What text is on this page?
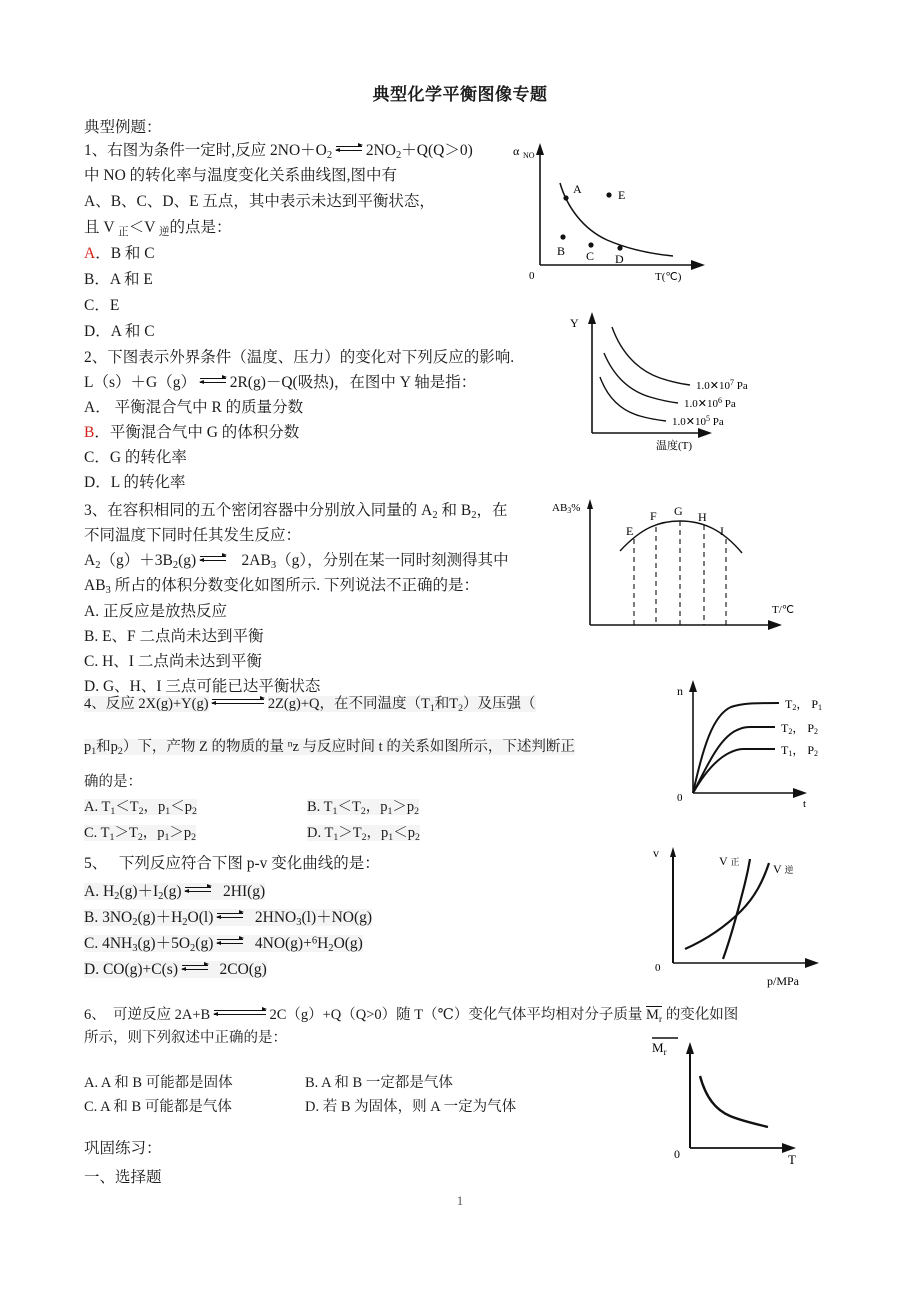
典型化学平衡图像专题
典型例题：
1、右图为条件一定时,反应 $2NO+O_2$
$2NO_2+Q(Q>0)$
中 NO 的转化率与温度变化关系曲线图,图中有
A、B、C、D、E 五点，其中表示未达到平衡状态，
且 V $_正$＜V $_逆$的点是：
A．B 和 C
B．A 和 E
C．E
D．A 和 C
A
B C D
E
α NO
0	T(℃)
2、下图表示外界条件（温度、压力）的变化对下列反应的影响.
L（s）＋G（g）
2R(g)－Q(吸热)，在图中 Y 轴是指：
A． 平衡混合气中 R 的质量分数
B．平衡混合气中 G 的体积分数
C．G 的转化率
D．L 的转化率
Y
$1.0✕10^7$ Pa
$1.0✕10^6$ Pa
$1.0✕10^5$ Pa
温度(T)
3、在容积相同的五个密闭容器中分别放入同量的 $A_2$ 和 $B_2$，在
不同温度下同时任其发生反应：
$A_2(g)+3B_2(g)$
$2AB_3(g)$，分别在某一同时刻测得其中
$AB_3$ 所占的体积分数变化如图所示. 下列说法不正确的是：
A. 正反应是放热反应
B. E、F 二点尚未达到平衡
C. H、I 二点尚未达到平衡
D. G、H、I 三点可能已达平衡状态
E
F G H
I
AB3%
T/℃
4、反应 2X(g)+Y(g)	2Z(g)+Q，在不同温度（$T_1$和$T_2$）及压强（
$p_1$和$p_2$）下，产物 Z 的物质的量 $^n$z 与反应时间 t 的关系如图所示，下述判断正
确的是：
A. $T_1<T_2$，$p_1<p_2$	B. $T_1<T_2$，$p_1>p_2$
C. $T_1>T_2$，$p_1>p_2$	D. $T_1>T_2$，$p_1<p_2$
n
0	t
T2， P1
T2， P2
T1， P2
5、   下列反应符合下图 p-v 变化曲线的是：
A. $H_2(g)+I_2(g)$
2HI(g)
B. $3NO_2(g)+H_2O(l)$
$2HNO_3(l)+NO(g)$
C. $4NH_3(g)+5O_2(g)$
$4NO(g)+^6H_2O(g)$
D. CO(g)+C(s)
2CO(g)
v
0
V 正	V 逆
p/MPa
6、  可逆反应 2A+B	2C（g）+Q（Q>0）随 T（℃）变化气体平均相对分子质量 $M_r$ 的变化如图
所示，则下列叙述中正确的是：
A. A 和 B 可能都是固体	B. A 和 B 一定都是气体
C. A 和 B 可能都是气体	D. 若 B 为固体，则 A 一定为气体
$M_r$
0	T
巩固练习：
一、选择题
1
